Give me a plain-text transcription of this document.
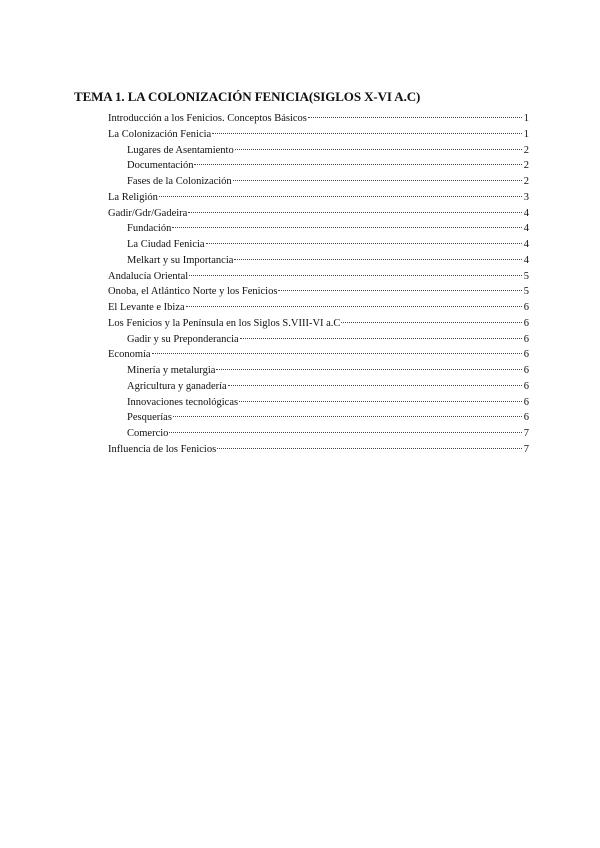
TEMA 1. LA COLONIZACIÓN FENICIA(SIGLOS X-VI A.C)
Introducción a los Fenicios. Conceptos Básicos	1
La Colonización Fenicia	1
Lugares de Asentamiento	2
Documentación	2
Fases de la Colonización	2
La Religión	3
Gadir/Gdr/Gadeira	4
Fundación	4
La Ciudad Fenicia	4
Melkart y su Importancia	4
Andalucía Oriental	5
Onoba, el Atlántico Norte y los Fenicios	5
El Levante e Ibiza	6
Los Fenicios y la Península en los Siglos S.VIII-VI a.C	6
Gadir y su Preponderancia	6
Economía	6
Minería y metalurgia	6
Agricultura y ganadería	6
Innovaciones tecnológicas	6
Pesquerías	6
Comercio	7
Influencia de los Fenicios	7
